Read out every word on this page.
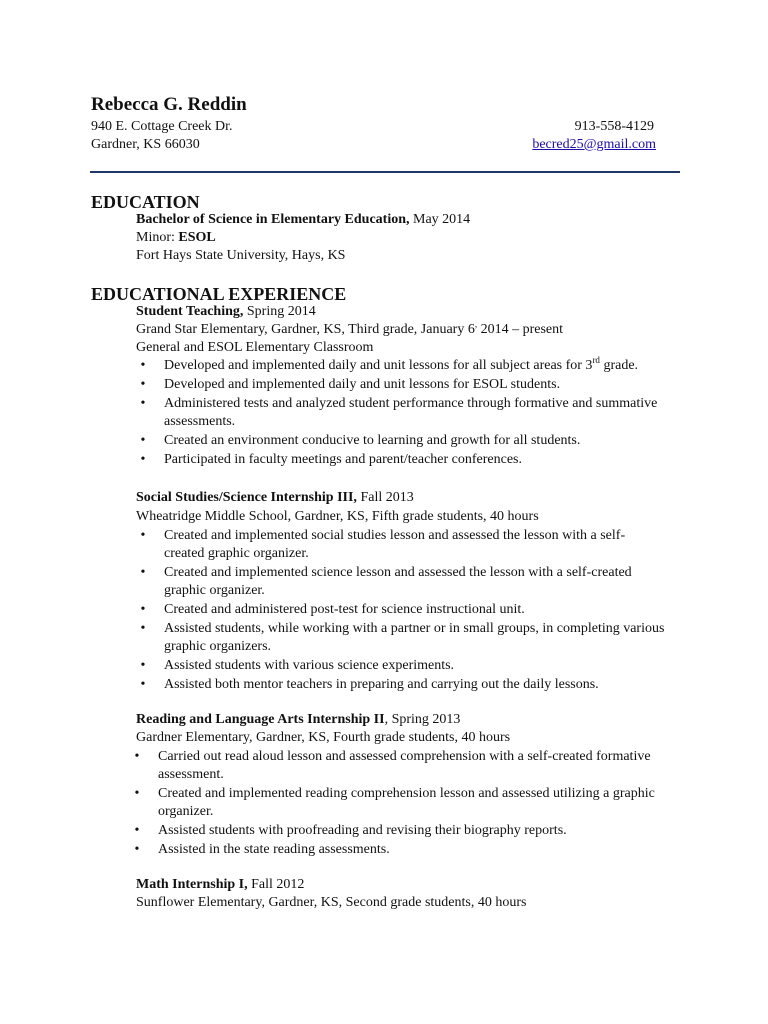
Rebecca G. Reddin
940 E. Cottage Creek Dr.
Gardner, KS 66030
913-558-4129
becred25@gmail.com
EDUCATION
Bachelor of Science in Elementary Education, May 2014
Minor: ESOL
Fort Hays State University, Hays, KS
EDUCATIONAL EXPERIENCE
Student Teaching, Spring 2014
Grand Star Elementary, Gardner, KS, Third grade, January 6, 2014 – present
General and ESOL Elementary Classroom
• Developed and implemented daily and unit lessons for all subject areas for 3rd grade.
• Developed and implemented daily and unit lessons for ESOL students.
• Administered tests and analyzed student performance through formative and summative assessments.
• Created an environment conducive to learning and growth for all students.
• Participated in faculty meetings and parent/teacher conferences.
Social Studies/Science Internship III, Fall 2013
Wheatridge Middle School, Gardner, KS, Fifth grade students, 40 hours
• Created and implemented social studies lesson and assessed the lesson with a self-created graphic organizer.
• Created and implemented science lesson and assessed the lesson with a self-created graphic organizer.
• Created and administered post-test for science instructional unit.
• Assisted students, while working with a partner or in small groups, in completing various graphic organizers.
• Assisted students with various science experiments.
• Assisted both mentor teachers in preparing and carrying out the daily lessons.
Reading and Language Arts Internship II, Spring 2013
Gardner Elementary, Gardner, KS, Fourth grade students, 40 hours
• Carried out read aloud lesson and assessed comprehension with a self-created formative assessment.
• Created and implemented reading comprehension lesson and assessed utilizing a graphic organizer.
• Assisted students with proofreading and revising their biography reports.
• Assisted in the state reading assessments.
Math Internship I, Fall 2012
Sunflower Elementary, Gardner, KS, Second grade students, 40 hours
